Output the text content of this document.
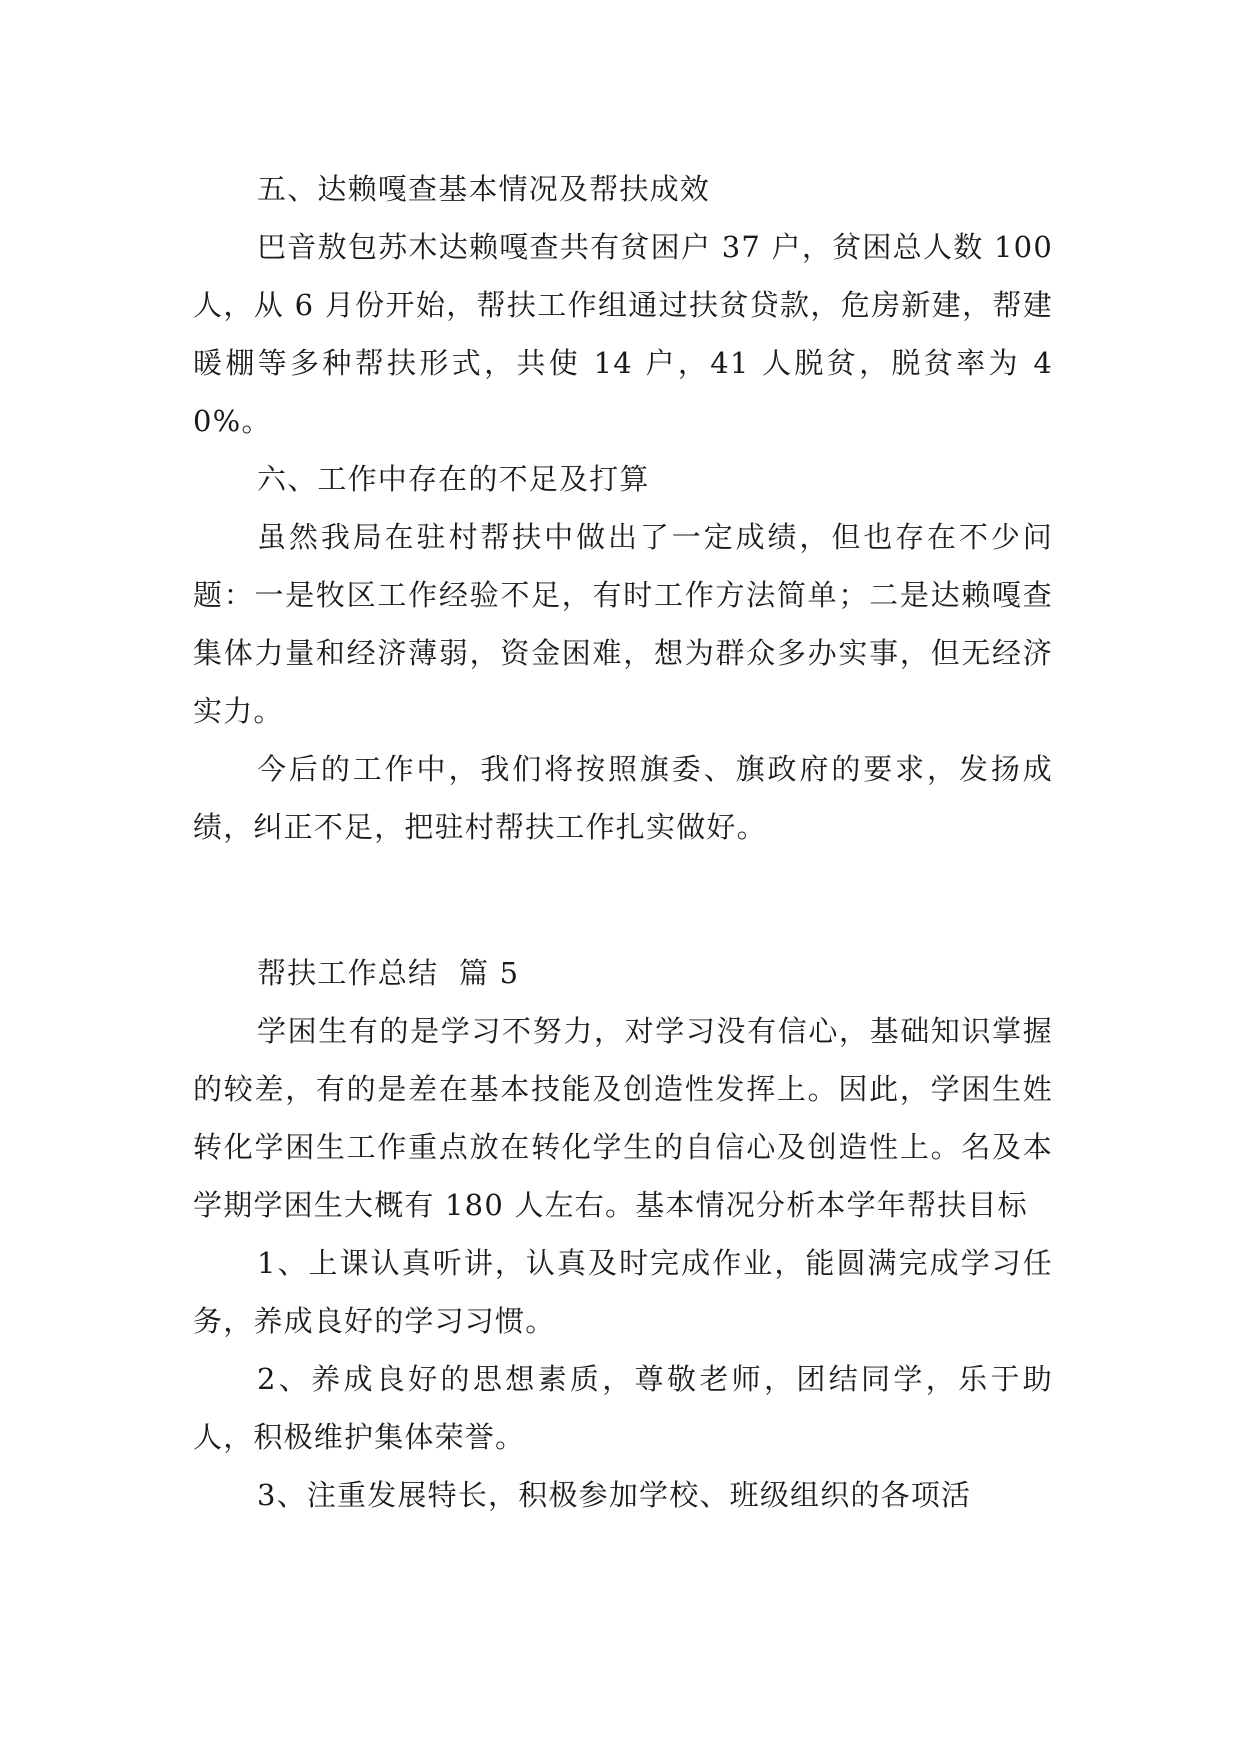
五、达赖嘎查基本情况及帮扶成效

巴音敖包苏木达赖嘎查共有贫困户 37 户，贫困总人数 100 人，从 6 月份开始，帮扶工作组通过扶贫贷款，危房新建，帮建暖棚等多种帮扶形式，共使 14 户，41 人脱贫，脱贫率为 40%。

六、工作中存在的不足及打算

虽然我局在驻村帮扶中做出了一定成绩，但也存在不少问题：一是牧区工作经验不足，有时工作方法简单；二是达赖嘎查集体力量和经济薄弱，资金困难，想为群众多办实事，但无经济实力。

今后的工作中，我们将按照旗委、旗政府的要求，发扬成绩，纠正不足，把驻村帮扶工作扎实做好。

帮扶工作总结  篇 5

学困生有的是学习不努力，对学习没有信心，基础知识掌握的较差，有的是差在基本技能及创造性发挥上。因此，学困生姓转化学困生工作重点放在转化学生的自信心及创造性上。名及本学期学困生大概有 180 人左右。基本情况分析本学年帮扶目标

1、上课认真听讲，认真及时完成作业，能圆满完成学习任务，养成良好的学习习惯。

2、养成良好的思想素质，尊敬老师，团结同学，乐于助人，积极维护集体荣誉。

3、注重发展特长，积极参加学校、班级组织的各项活
